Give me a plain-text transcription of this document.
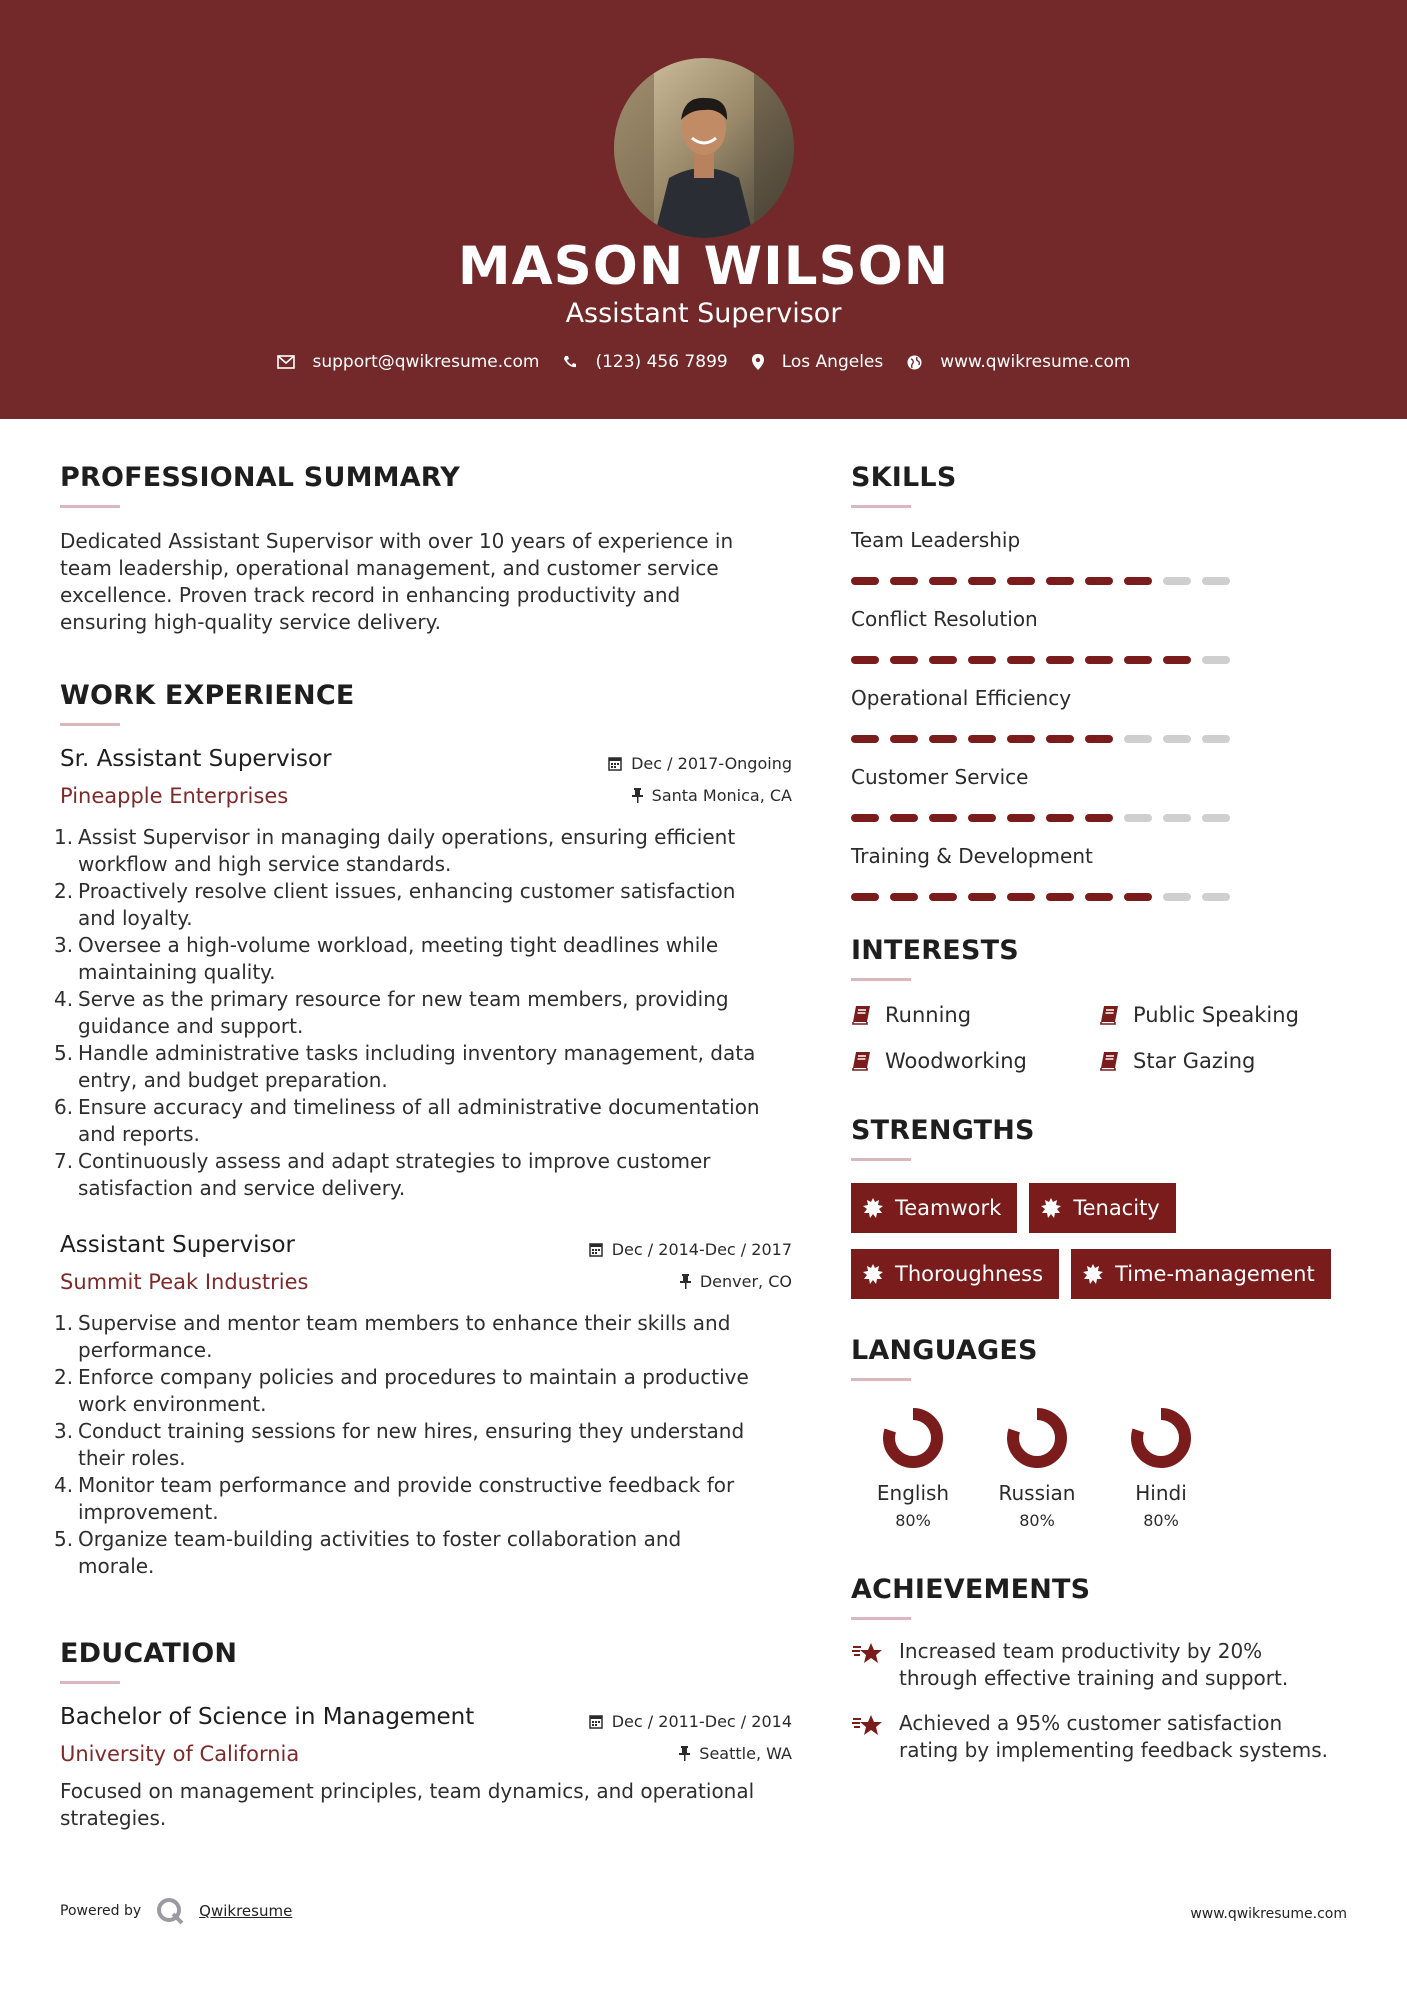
MASON WILSON
Assistant Supervisor
support@qwikresume.com	(123) 456 7899	Los Angeles	www.qwikresume.com
PROFESSIONAL SUMMARY
Dedicated Assistant Supervisor with over 10 years of experience in
team leadership, operational management, and customer service
excellence. Proven track record in enhancing productivity and
ensuring high-quality service delivery.
WORK EXPERIENCE
Sr. Assistant Supervisor
Pineapple Enterprises
Dec / 2017-Ongoing
Santa Monica, CA
1. Assist Supervisor in managing daily operations, ensuring efficient
workflow and high service standards.
2. Proactively resolve client issues, enhancing customer satisfaction
and loyalty.
3. Oversee a high-volume workload, meeting tight deadlines while
maintaining quality.
4. Serve as the primary resource for new team members, providing
guidance and support.
5. Handle administrative tasks including inventory management, data
entry, and budget preparation.
6. Ensure accuracy and timeliness of all administrative documentation
and reports.
7. Continuously assess and adapt strategies to improve customer
satisfaction and service delivery.
Assistant Supervisor
Summit Peak Industries
Dec / 2014-Dec / 2017
Denver, CO
1. Supervise and mentor team members to enhance their skills and
performance.
2. Enforce company policies and procedures to maintain a productive
work environment.
3. Conduct training sessions for new hires, ensuring they understand
their roles.
4. Monitor team performance and provide constructive feedback for
improvement.
5. Organize team-building activities to foster collaboration and
morale.
EDUCATION
Bachelor of Science in Management
University of California
Dec / 2011-Dec / 2014
Seattle, WA
Focused on management principles, team dynamics, and operational
strategies.
SKILLS
Team Leadership
Conflict Resolution
Operational Efficiency
Customer Service
Training & Development
INTERESTS
Running	Public Speaking
Woodworking	Star Gazing
STRENGTHS
Teamwork	Tenacity
Thoroughness	Time-management
LANGUAGES
English
80%
Russian
80%
Hindi
80%
ACHIEVEMENTS
Increased team productivity by 20%
through effective training and support.
Achieved a 95% customer satisfaction
rating by implementing feedback systems.
Powered by	Qwikresume	www.qwikresume.com
